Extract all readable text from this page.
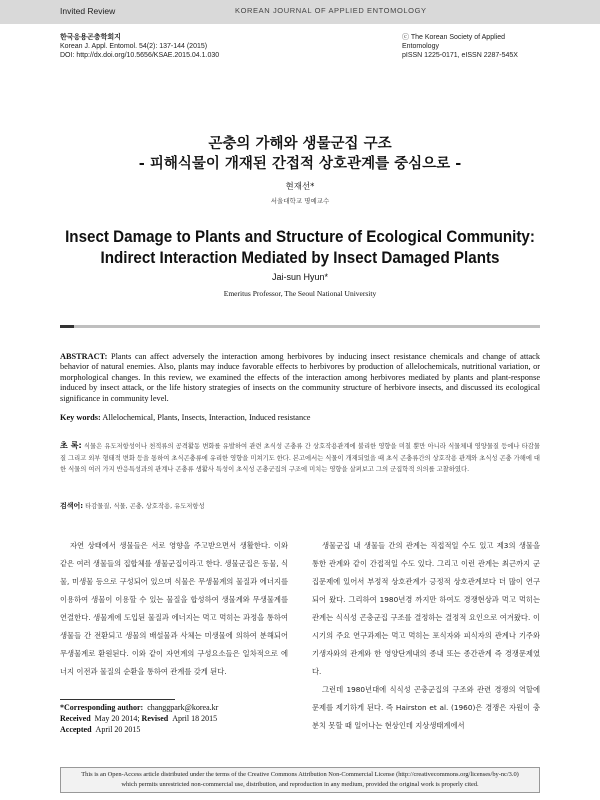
Invited Review	KOREAN JOURNAL OF APPLIED ENTOMOLOGY
한국응용곤충학회지
Korean J. Appl. Entomol. 54(2): 137-144 (2015)
DOI: http://dx.doi.org/10.5656/KSAE.2015.04.1.030
ⓒ The Korean Society of Applied Entomology
pISSN 1225-0171, eISSN 2287-545X
곤충의 가해와 생물군집 구조
- 피해식물이 개재된 간접적 상호관계를 중심으로 -
현재선*
서울대학교 명예교수
Insect Damage to Plants and Structure of Ecological Community:
Indirect Interaction Mediated by Insect Damaged Plants
Jai-sun Hyun*
Emeritus Professor, The Seoul National University
ABSTRACT: Plants can affect adversely the interaction among herbivores by inducing insect resistance chemicals and change of attack behavior of natural enemies. Also, plants may induce favorable effects to herbivores by production of allelochemicals, nutritional variation, or morphological changes. In this review, we examined the effects of the interaction among herbivores mediated by plants and plant-response induced by insect attack, or the life history strategies of insects on the community structure of herbivore insects, and discussed its ecological significance in community level.
Key words: Allelochemical, Plants, Insects, Interaction, Induced resistance
초 록: 식물은 유도저항성이나 천적류의 공격활동 변화를 유발하여 관련 초식성 곤충류 간 상호작용관계에 불리한 영향을 미칠 뿐만 아니라 식물체내 영양물질 등에나 타감물질 그리고 외부 형태적 변화 등을 통하여 초식곤충류에 유리한 영향을 미쳐기도 한다. 본고에서는 식물이 개재되었을 때 초식 곤충류간의 상호작용 관계와 초식성 곤충 가해에 대한 식물의 여러 가지 반응특성과의 관계나 곤충류 생활사 특성이 초식성 곤충군집의 구조에 미치는 영향을 살펴보고 그의 군집학적 의의를 고찰하였다.
검색어: 타감물질, 식물, 곤충, 상호작용, 유도저항성

자연 상태에서 생물들은 서로 영향을 주고받으면서 생활한다. 이와 같은 여러 생물들의 집합체를 생물군집이라고 한다. 생물군집은 동물, 식물, 미생물 등으로 구성되어 있으며 식물은 무생물계의 물질과 에너지를 이용하여 생물이 이용할 수 있는 물질을 합성하여 생물계와 무생물계를 연결한다. 생물계에 도입된 물질과 에너지는 먹고 먹히는 과정을 통하여 생물들 간 전환되고 생물의 배설물과 사체는 미생물에 의하여 분해되어 무생물계로 환원된다. 이와 같이 자연계의 구성요소들은 일차적으로 에너지 이전과 물질의 순환을 통하여 관계를 갖게 된다.

생물군집 내 생물들 간의 관계는 직접적일 수도 있고 제3의 생물을 통한 관계와 같이 간접적일 수도 있다. 그리고 이런 관계는 최근까지 군집문제에 있어서 부정적 상호관계가 긍정적 상호관계보다 더 많이 연구되어 왔다. 그리하여 1980년경 까지만 하여도 경쟁현상과 먹고 먹히는 관계는 식식성 곤충군집 구조를 결정하는 결정적 요인으로 여겨왔다. 이 시기의 주요 연구과제는 먹고 먹히는 포식자와 피식자의 관계나 기주와 기생자와의 관계와 한 영양단계내의 종내 또는 종간관계 즉 경쟁문제였다.

그런데 1980년대에 식식성 곤충군집의 구조와 관련 경쟁의 역할에 문제를 제기하게 된다. 즉 Hairston et al. (1960)은 경쟁은 자원이 충분치 못할 때 일어나는 현상인데 지상생태계에서

*Corresponding author: changgpark@korea.kr
Received May 20 2014; Revised April 18 2015
Accepted April 20 2015
This is an Open-Access article distributed under the terms of the Creative Commons Attribution Non-Commercial License (http://creativecommons.org/licenses/by-nc/3.0)
which permits unrestricted non-commercial use, distribution, and reproduction in any medium, provided the original work is properly cited.
